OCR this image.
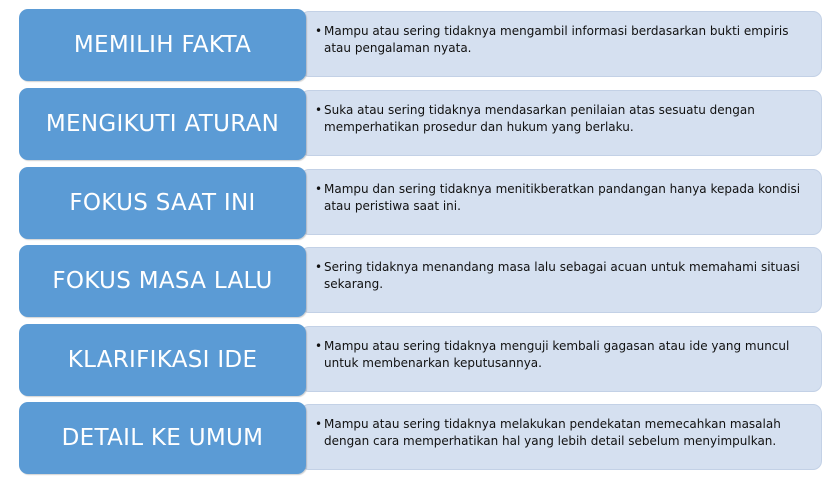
• Mampu atau sering tidaknya mengambil informasi berdasarkan bukti empiris atau pengalaman nyata.
MEMILIH FAKTA
• Suka atau sering tidaknya mendasarkan penilaian atas sesuatu dengan memperhatikan prosedur dan hukum yang berlaku.
MENGIKUTI ATURAN
• Mampu dan sering tidaknya menitikberatkan pandangan hanya kepada kondisi atau peristiwa saat ini.
FOKUS SAAT INI
• Sering tidaknya menandang masa lalu sebagai acuan untuk memahami situasi sekarang.
FOKUS MASA LALU
• Mampu atau sering tidaknya menguji kembali gagasan atau ide yang muncul untuk membenarkan keputusannya.
KLARIFIKASI IDE
• Mampu atau sering tidaknya melakukan pendekatan memecahkan masalah dengan cara memperhatikan hal yang lebih detail sebelum menyimpulkan.
DETAIL KE UMUM
